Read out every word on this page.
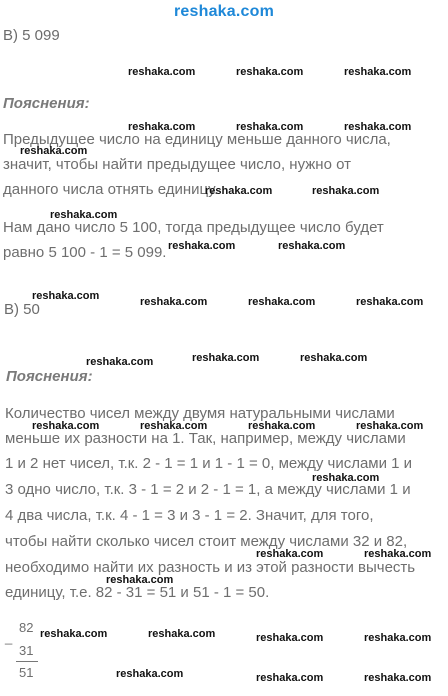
reshaka.com
В) 5 099
Пояснения:
Предыдущее число на единицу меньше данного числа,
значит, чтобы найти предыдущее число, нужно от
данного числа отнять единицу.
Нам дано число 5 100, тогда предыдущее число будет
равно 5 100 - 1 = 5 099.
В) 50
Пояснения:
Количество чисел между двумя натуральными числами
меньше их разности на 1. Так, например, между числами
1 и 2 нет чисел, т.к. 2 - 1 = 1 и 1 - 1 = 0, между числами 1 и
3 одно число, т.к. 3 - 1 = 2 и 2 - 1 = 1, а между числами 1 и
4 два числа, т.к. 4 - 1 = 3 и 3 - 1 = 2. Значит, для того,
чтобы найти сколько чисел стоит между числами 32 и 82,
необходимо найти их разность и из этой разности вычесть
единицу, т.е. 82 - 31 = 51 и 51 - 1 = 50.
_
82
31
51
reshaka.com	reshaka.com	reshaka.com
reshaka.com	reshaka.com	reshaka.com
reshaka.com
reshaka.com	reshaka.com
reshaka.com
reshaka.com	reshaka.com
reshaka.com	reshaka.com	reshaka.com	reshaka.com
reshaka.com	reshaka.com	reshaka.com
reshaka.com	reshaka.com	reshaka.com	reshaka.com
reshaka.com
reshaka.com	reshaka.com
reshaka.com
reshaka.com	reshaka.com	reshaka.com	reshaka.com
reshaka.com	reshaka.com	reshaka.com
